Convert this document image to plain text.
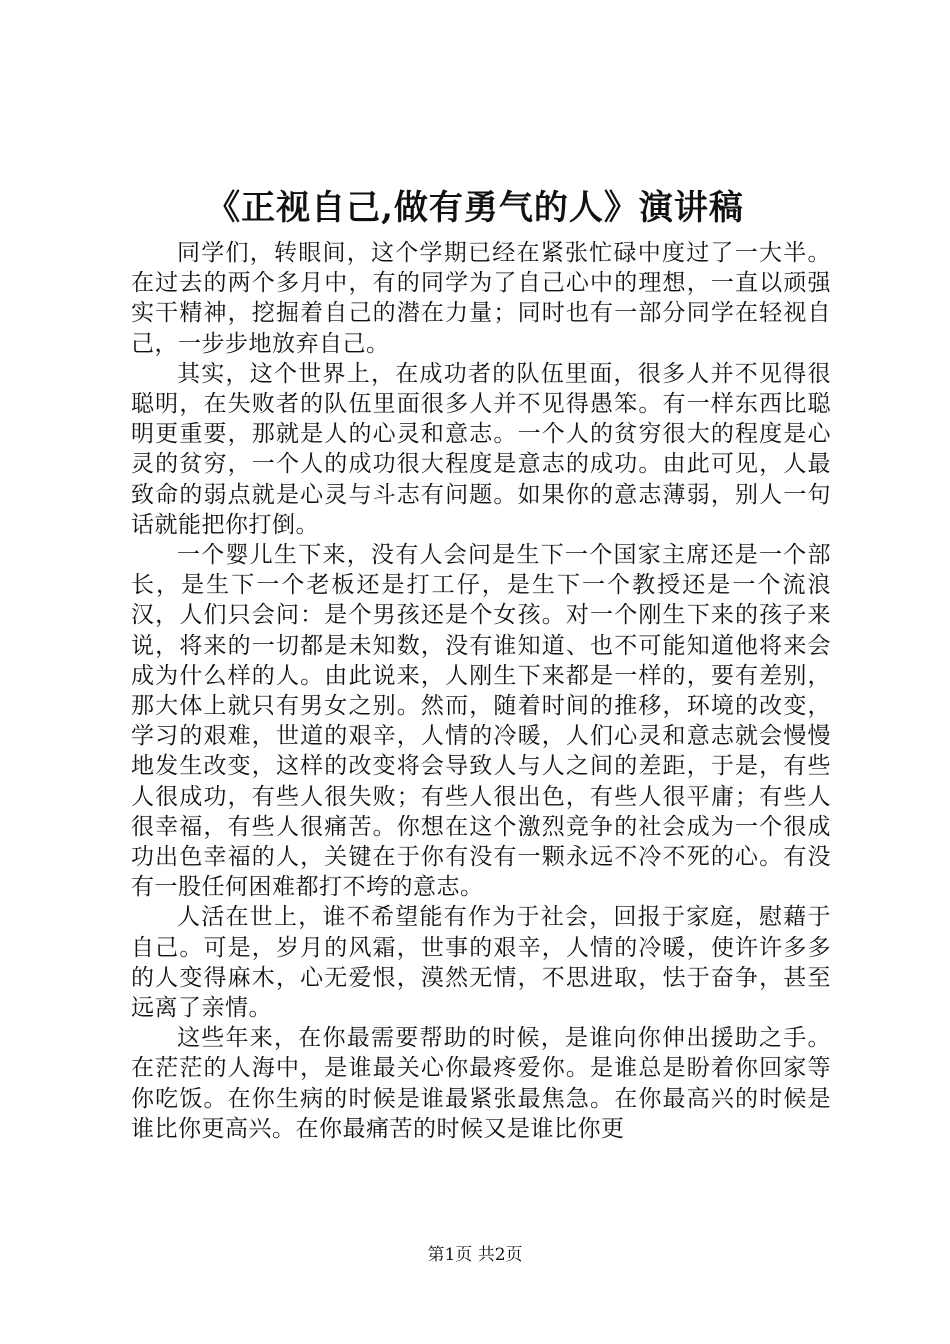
《正视自己,做有勇气的人》演讲稿

同学们，转眼间，这个学期已经在紧张忙碌中度过了一大半。在过去的两个多月中，有的同学为了自己心中的理想，一直以顽强实干精神，挖掘着自己的潜在力量；同时也有一部分同学在轻视自己，一步步地放弃自己。

其实，这个世界上，在成功者的队伍里面，很多人并不见得很聪明，在失败者的队伍里面很多人并不见得愚笨。有一样东西比聪明更重要，那就是人的心灵和意志。一个人的贫穷很大的程度是心灵的贫穷，一个人的成功很大程度是意志的成功。由此可见，人最致命的弱点就是心灵与斗志有问题。如果你的意志薄弱，别人一句话就能把你打倒。

一个婴儿生下来，没有人会问是生下一个国家主席还是一个部长，是生下一个老板还是打工仔，是生下一个教授还是一个流浪汉，人们只会问：是个男孩还是个女孩。对一个刚生下来的孩子来说，将来的一切都是未知数，没有谁知道、也不可能知道他将来会成为什么样的人。由此说来，人刚生下来都是一样的，要有差别，那大体上就只有男女之别。然而，随着时间的推移，环境的改变，学习的艰难，世道的艰辛，人情的冷暖，人们心灵和意志就会慢慢地发生改变，这样的改变将会导致人与人之间的差距，于是，有些人很成功，有些人很失败；有些人很出色，有些人很平庸；有些人很幸福，有些人很痛苦。你想在这个激烈竞争的社会成为一个很成功出色幸福的人，关键在于你有没有一颗永远不冷不死的心。有没有一股任何困难都打不垮的意志。

人活在世上，谁不希望能有作为于社会，回报于家庭，慰藉于自己。可是，岁月的风霜，世事的艰辛，人情的冷暖，使许许多多的人变得麻木，心无爱恨，漠然无情，不思进取，怯于奋争，甚至远离了亲情。

这些年来，在你最需要帮助的时候，是谁向你伸出援助之手。在茫茫的人海中，是谁最关心你最疼爱你。是谁总是盼着你回家等你吃饭。在你生病的时候是谁最紧张最焦急。在你最高兴的时候是谁比你更高兴。在你最痛苦的时候又是谁比你更

第1页 共2页
